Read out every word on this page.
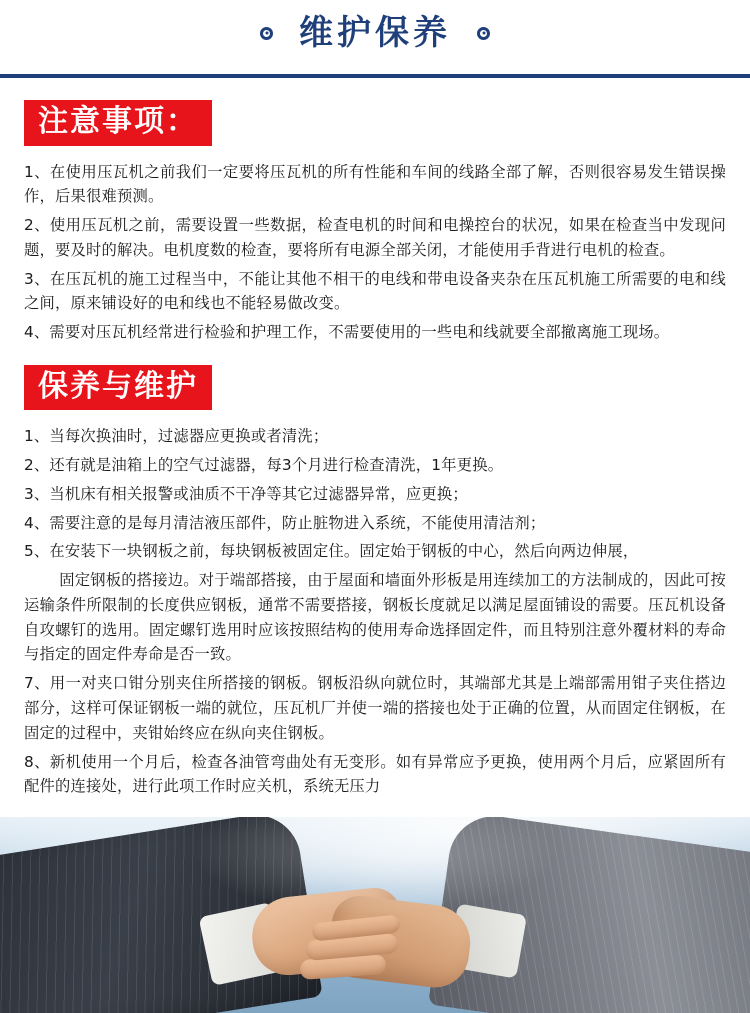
维护保养
注意事项：

1、在使用压瓦机之前我们一定要将压瓦机的所有性能和车间的线路全部了解，否则很容易发生错误操作，后果很难预测。

2、使用压瓦机之前，需要设置一些数据，检查电机的时间和电操控台的状况，如果在检查当中发现问题，要及时的解决。电机度数的检查，要将所有电源全部关闭，才能使用手背进行电机的检查。

3、在压瓦机的施工过程当中，不能让其他不相干的电线和带电设备夹杂在压瓦机施工所需要的电和线之间，原来铺设好的电和线也不能轻易做改变。

4、需要对压瓦机经常进行检验和护理工作，不需要使用的一些电和线就要全部撤离施工现场。

保养与维护

1、当每次换油时，过滤器应更换或者清洗；

2、还有就是油箱上的空气过滤器，每3个月进行检查清洗，1年更换。

3、当机床有相关报警或油质不干净等其它过滤器异常，应更换；

4、需要注意的是每月清洁液压部件，防止脏物进入系统，不能使用清洁剂；

5、在安装下一块钢板之前，每块钢板被固定住。固定始于钢板的中心，然后向两边伸展，

固定钢板的搭接边。对于端部搭接，由于屋面和墙面外形板是用连续加工的方法制成的，因此可按运输条件所限制的长度供应钢板，通常不需要搭接，钢板长度就足以满足屋面铺设的需要。压瓦机设备自攻螺钉的选用。固定螺钉选用时应该按照结构的使用寿命选择固定件，而且特别注意外覆材料的寿命与指定的固定件寿命是否一致。

7、用一对夹口钳分别夹住所搭接的钢板。钢板沿纵向就位时，其端部尤其是上端部需用钳子夹住搭边部分，这样可保证钢板一端的就位，压瓦机厂并使一端的搭接也处于正确的位置，从而固定住钢板，在固定的过程中，夹钳始终应在纵向夹住钢板。

8、新机使用一个月后，检查各油管弯曲处有无变形。如有异常应予更换，使用两个月后，应紧固所有配件的连接处，进行此项工作时应关机，系统无压力
